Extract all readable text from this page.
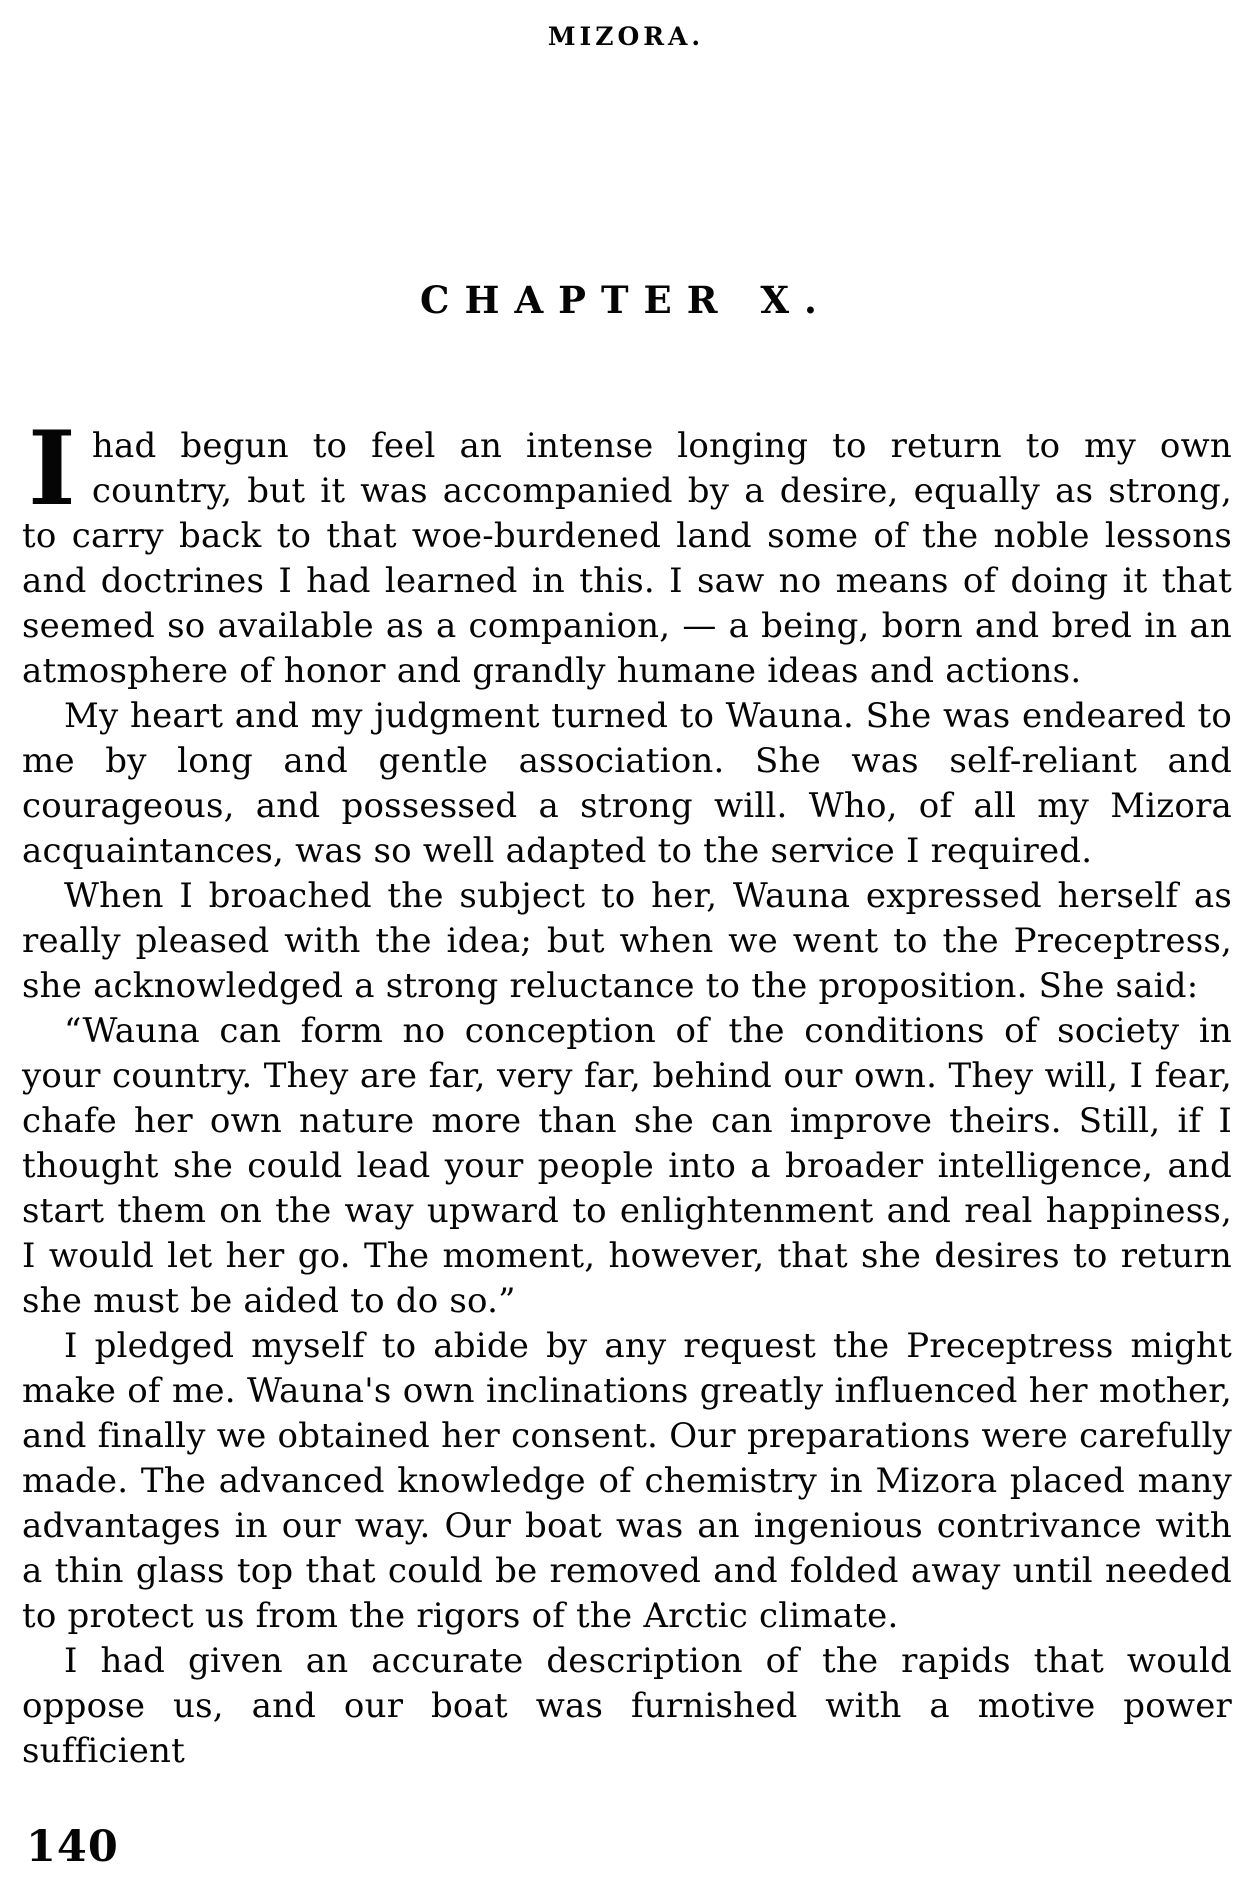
MIZORA.
CHAPTER X.

Ihad begun to feel an intense longing to return to my own country, but it was accompanied by a desire, equally as strong, to carry back to that woe-burdened land some of the noble lessons and doctrines I had learned in this. I saw no means of doing it that seemed so available as a companion, — a being, born and bred in an atmosphere of honor and grandly humane ideas and actions.

My heart and my judgment turned to Wauna. She was endeared to me by long and gentle association. She was self-reliant and courageous, and possessed a strong will. Who, of all my Mizora acquaintances, was so well adapted to the service I required.

When I broached the subject to her, Wauna expressed herself as really pleased with the idea; but when we went to the Preceptress, she acknowledged a strong reluctance to the proposition. She said:

“Wauna can form no conception of the conditions of society in your country. They are far, very far, behind our own. They will, I fear, chafe her own nature more than she can improve theirs. Still, if I thought she could lead your people into a broader intelligence, and start them on the way upward to enlightenment and real happiness, I would let her go. The moment, however, that she desires to return she must be aided to do so.”

I pledged myself to abide by any request the Preceptress might make of me. Wauna's own inclinations greatly influenced her mother, and finally we obtained her consent. Our preparations were carefully made. The advanced knowledge of chemistry in Mizora placed many advantages in our way. Our boat was an ingenious contrivance with a thin glass top that could be removed and folded away until needed to protect us from the rigors of the Arctic climate.

I had given an accurate description of the rapids that would oppose us, and our boat was furnished with a motive power sufficient

140
